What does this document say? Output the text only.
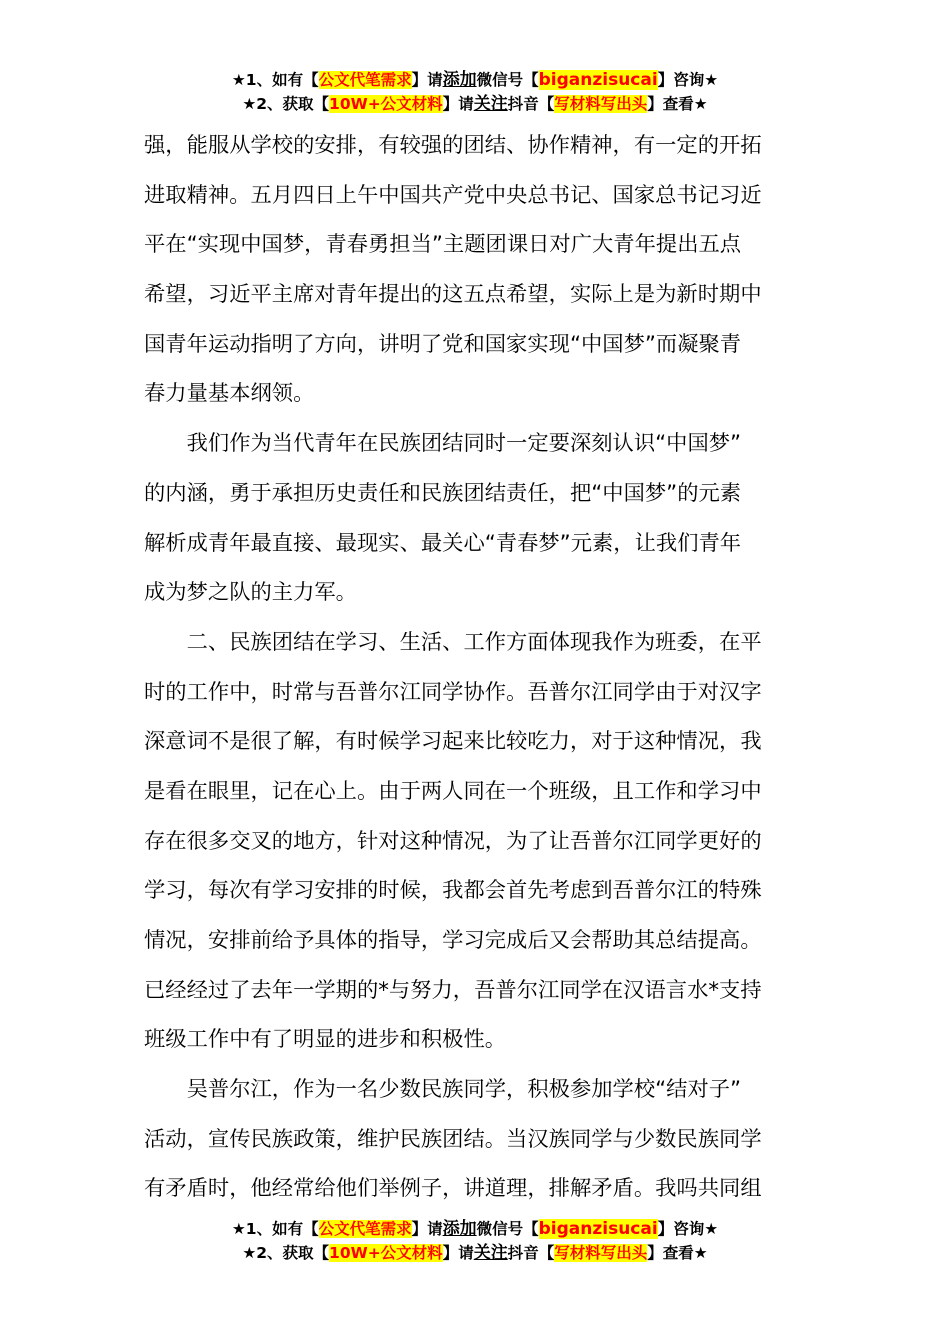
★1、如有【公文代笔需求】请添加微信号【biganzisucai】咨询★
★2、获取【10W+公文材料】请关注抖音【写材料写出头】查看★
强，能服从学校的安排，有较强的团结、协作精神，有一定的开拓
进取精神。五月四日上午中国共产党中央总书记、国家总书记习近
平在“实现中国梦，青春勇担当”主题团课日对广大青年提出五点
希望，习近平主席对青年提出的这五点希望，实际上是为新时期中
国青年运动指明了方向，讲明了党和国家实现“中国梦”而凝聚青
春力量基本纲领。
　　我们作为当代青年在民族团结同时一定要深刻认识“中国梦”
的内涵，勇于承担历史责任和民族团结责任，把“中国梦”的元素
解析成青年最直接、最现实、最关心“青春梦”元素，让我们青年
成为梦之队的主力军。
　　二、民族团结在学习、生活、工作方面体现我作为班委，在平
时的工作中，时常与吾普尔江同学协作。吾普尔江同学由于对汉字
深意词不是很了解，有时候学习起来比较吃力，对于这种情况，我
是看在眼里，记在心上。由于两人同在一个班级，且工作和学习中
存在很多交叉的地方，针对这种情况，为了让吾普尔江同学更好的
学习，每次有学习安排的时候，我都会首先考虑到吾普尔江的特殊
情况，安排前给予具体的指导，学习完成后又会帮助其总结提高。
已经经过了去年一学期的*与努力，吾普尔江同学在汉语言水*支持
班级工作中有了明显的进步和积极性。
　　吴普尔江，作为一名少数民族同学，积极参加学校“结对子”
活动，宣传民族政策，维护民族团结。当汉族同学与少数民族同学
有矛盾时，他经常给他们举例子，讲道理，排解矛盾。我吗共同组
★1、如有【公文代笔需求】请添加微信号【biganzisucai】咨询★
★2、获取【10W+公文材料】请关注抖音【写材料写出头】查看★
